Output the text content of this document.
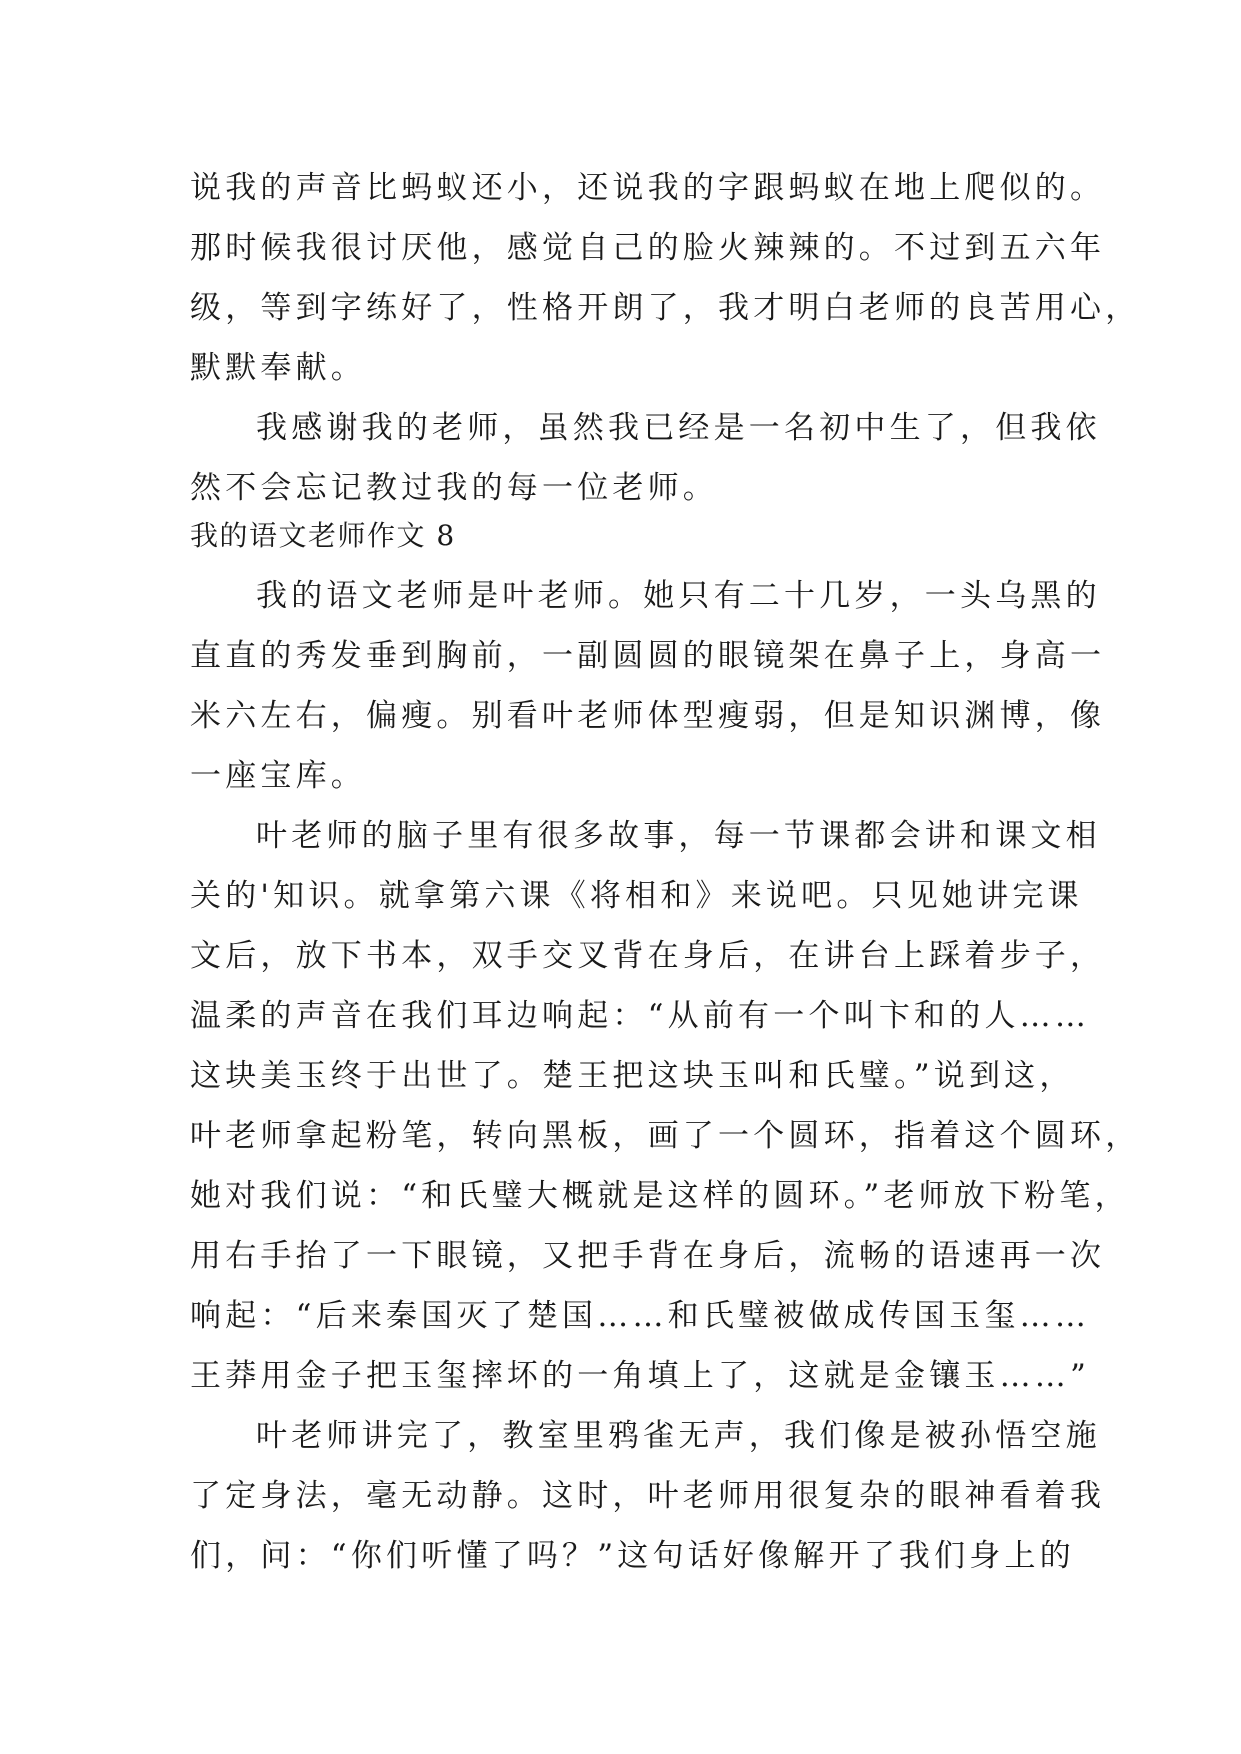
说我的声音比蚂蚁还小，还说我的字跟蚂蚁在地上爬似的。
那时候我很讨厌他，感觉自己的脸火辣辣的。不过到五六年
级，等到字练好了，性格开朗了，我才明白老师的良苦用心，
默默奉献。
我感谢我的老师，虽然我已经是一名初中生了，但我依
然不会忘记教过我的每一位老师。
我的语文老师作文 8
我的语文老师是叶老师。她只有二十几岁，一头乌黑的
直直的秀发垂到胸前，一副圆圆的眼镜架在鼻子上，身高一
米六左右，偏瘦。别看叶老师体型瘦弱，但是知识渊博，像
一座宝库。
叶老师的脑子里有很多故事，每一节课都会讲和课文相
关的'知识。就拿第六课《将相和》来说吧。只见她讲完课
文后，放下书本，双手交叉背在身后，在讲台上踩着步子，
温柔的声音在我们耳边响起：“从前有一个叫卞和的人……
这块美玉终于出世了。楚王把这块玉叫和氏璧。”说到这，
叶老师拿起粉笔，转向黑板，画了一个圆环，指着这个圆环，
她对我们说：“和氏璧大概就是这样的圆环。”老师放下粉笔，
用右手抬了一下眼镜，又把手背在身后，流畅的语速再一次
响起：“后来秦国灭了楚国……和氏璧被做成传国玉玺……
王莽用金子把玉玺摔坏的一角填上了，这就是金镶玉……”
叶老师讲完了，教室里鸦雀无声，我们像是被孙悟空施
了定身法，毫无动静。这时，叶老师用很复杂的眼神看着我
们，问：“你们听懂了吗？”这句话好像解开了我们身上的
